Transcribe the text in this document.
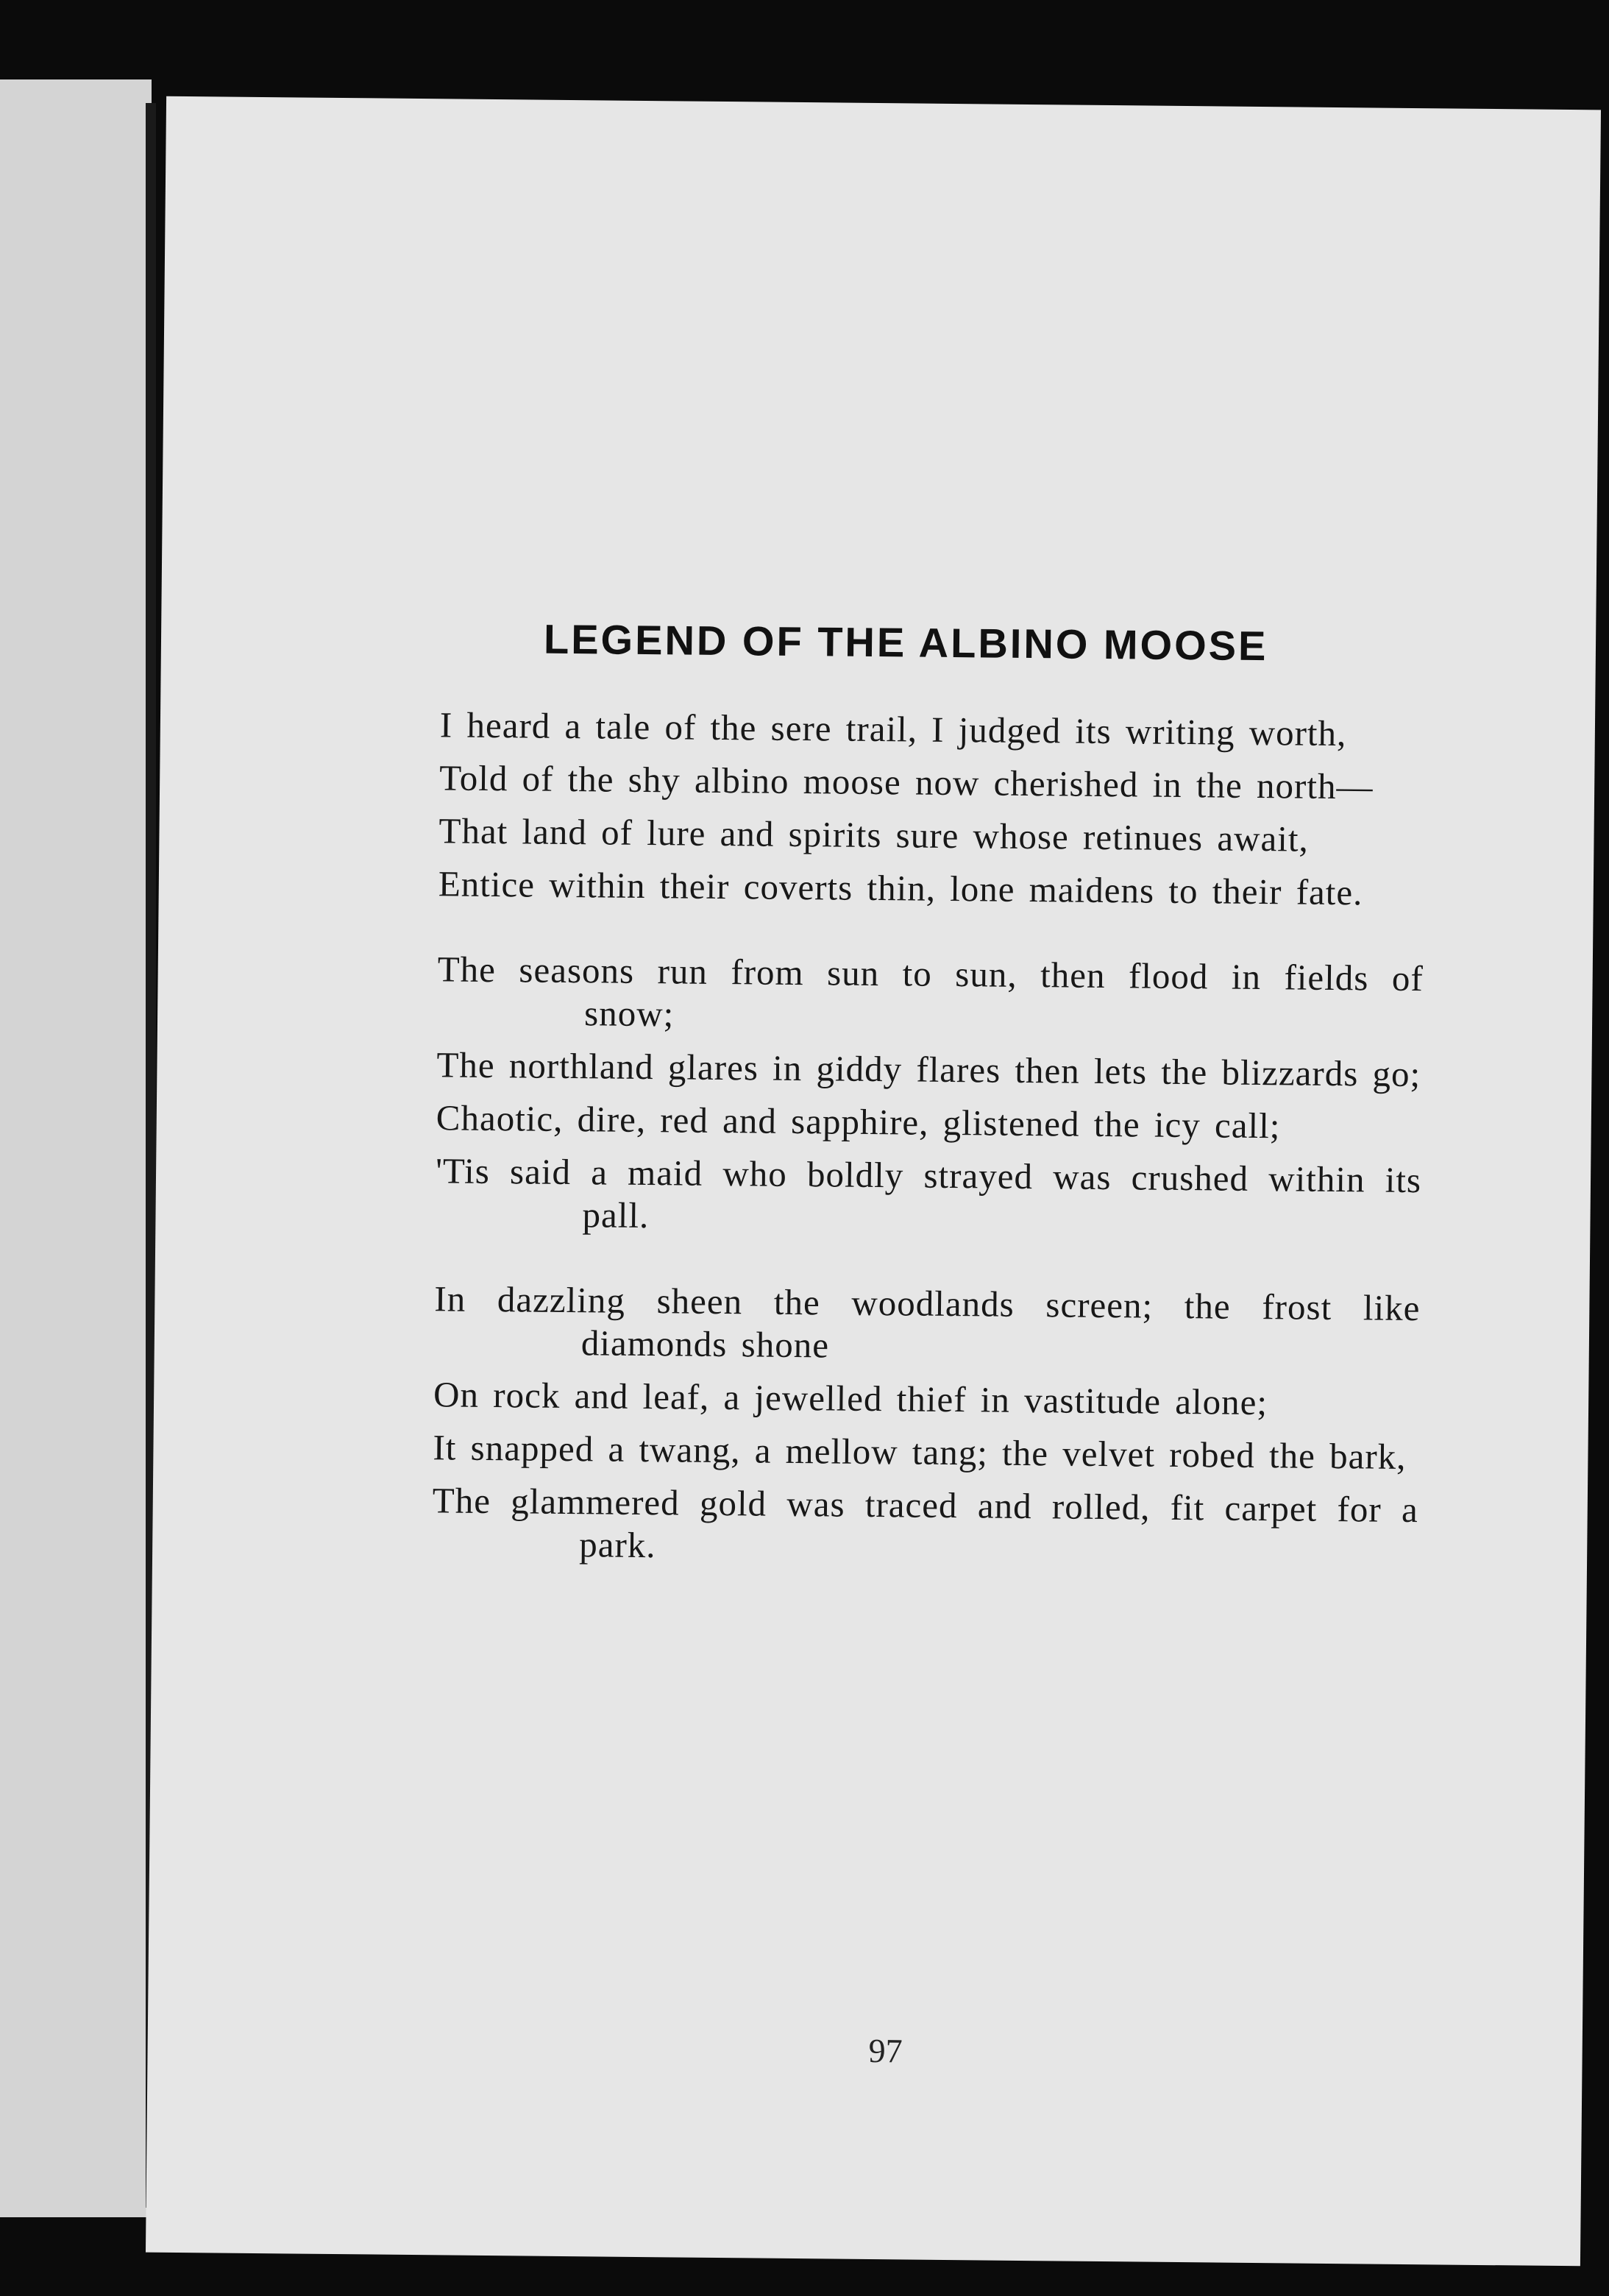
LEGEND OF THE ALBINO MOOSE
I heard a tale of the sere trail, I judged its writing worth,
Told of the shy albino moose now cherished in the north—
That land of lure and spirits sure whose retinues await,
Entice within their coverts thin, lone maidens to their fate.
The seasons run from sun to sun, then flood in fields of snow;
The northland glares in giddy flares then lets the blizzards go;
Chaotic, dire, red and sapphire, glistened the icy call;
'Tis said a maid who boldly strayed was crushed within its pall.
In dazzling sheen the woodlands screen; the frost like diamonds shone
On rock and leaf, a jewelled thief in vastitude alone;
It snapped a twang, a mellow tang; the velvet robed the bark,
The glammered gold was traced and rolled, fit carpet for a park.
97
